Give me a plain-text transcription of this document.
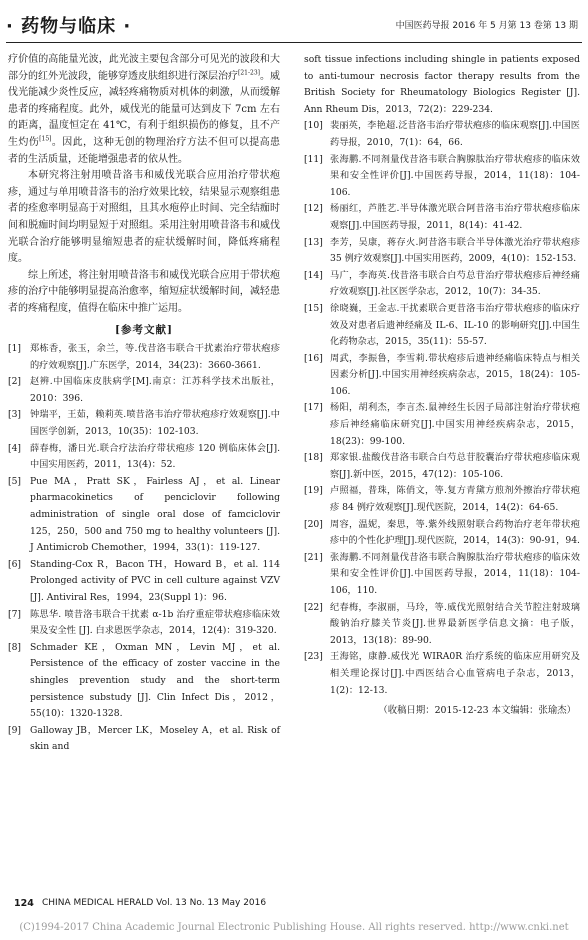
· 药物与临床 ·	中国医药导报 2016 年 5 月第 13 卷第 13 期

疗价值的高能量光波，此光波主要包含部分可见光的波段和大部分的红外光波段，能够穿透皮肤组织进行深层治疗[21-23]。威伐光能减少炎性反应，减轻疼痛物质对机体的刺激，从而缓解患者的疼痛程度。此外，威伐光的能量可达到皮下 7cm 左右的距离，温度恒定在 41℃，有利于组织损伤的修复，且不产生灼伤[15]。因此，这种无创的物理治疗方法不但可以提高患者的生活质量，还能增强患者的依从性。

本研究将注射用喷昔洛韦和威伐光联合应用治疗带状疱疹，通过与单用喷昔洛韦的治疗效果比较，结果显示观察组患者的痊愈率明显高于对照组，且其水疱停止时间、完全结痂时间和脱痂时间均明显短于对照组。采用注射用喷昔洛韦和威伐光联合治疗能够明显缩短患者的症状缓解时间，降低疼痛程度。

综上所述，将注射用喷昔洛韦和威伐光联合应用于带状疱疹的治疗中能够明显提高治愈率，缩短症状缓解时间，减轻患者的疼痛程度，值得在临床中推广运用。

[参考文献]
[1] 郑栋香，张玉，余兰，等.伐昔洛韦联合干扰素治疗带状疱疹的疗效观察[J].广东医学，2014，34(23)：3660-3661.
[2] 赵辨.中国临床皮肤病学[M].南京：江苏科学技术出版社，2010：396.
[3] 钟瑞平，王茹，赖莉英.喷昔洛韦治疗带状疱疹疗效观察[J].中国医学创新，2013，10(35)：102-103.
[4] 薛春梅，潘日光.联合疗法治疗带状疱疹 120 例临床体会[J].中国实用医药，2011，13(4)：52.
[5] Pue MA，Pratt SK，Fairless AJ，et al. Linear pharmacokinetics of penciclovir following administration of single oral dose of famciclovir 125，250，500 and 750 mg to healthy volunteers [J]. J Antimicrob Chemother，1994，33(1)：119-127.
[6] Standing-Cox R，Bacon TH，Howard B，et al. 114 Prolonged activity of PVC in cell culture against VZV [J]. Antiviral Res，1994，23(Suppl 1)：96.
[7] 陈思华. 喷昔洛韦联合干扰素 α-1b 治疗重症带状疱疹临床效果及安全性 [J]. 白求恩医学杂志，2014，12(4)：319-320.
[8] Schmader KE，Oxman MN，Levin MJ，et al. Persistence of the efficacy of zoster vaccine in the shingles prevention study and the short-term persistence substudy [J]. Clin Infect Dis，2012，55(10)：1320-1328.
[9] Galloway JB，Mercer LK，Moseley A，et al. Risk of skin and
soft tissue infections including shingle in patients exposed to anti-tumour necrosis factor therapy results from the British Society for Rheumatology Biologics Register [J]. Ann Rheum Dis，2013，72(2)：229-234.
[10] 裴丽英，李艳超.泛昔洛韦治疗带状疱疹的临床观察[J].中国医药导报，2010，7(1)：64，66.
[11] 张海鹏.不同剂量伐昔洛韦联合胸腺肽治疗带状疱疹的临床效果和安全性评价[J].中国医药导报，2014，11(18)：104-106.
[12] 杨丽红，芦胜艺.半导体激光联合阿昔洛韦治疗带状疱疹临床观察[J].中国医药导报，2011，8(14)：41-42.
[13] 李芳，吴康，蒋存火.阿昔洛韦联合半导体激光治疗带状疱疹 35 例疗效观察[J].中国实用医药，2009，4(10)：152-153.
[14] 马广，李海英.伐昔洛韦联合白芍总苷治疗带状疱疹后神经痛疗效观察[J].社区医学杂志，2012，10(7)：34-35.
[15] 徐晓巍，王金志.干扰素联合更昔洛韦治疗带状疱疹的临床疗效及对患者后遗神经痛及 IL-6、IL-10 的影响研究[J].中国生化药物杂志，2015，35(11)：55-57.
[16] 周武，李振鲁，李雪莉.带状疱疹后遗神经痛临床特点与相关因素分析[J].中国实用神经疾病杂志，2015，18(24)：105-106.
[17] 杨阳，胡利杰，李言杰.鼠神经生长因子局部注射治疗带状疱疹后神经痛临床研究[J].中国实用神经疾病杂志，2015，18(23)：99-100.
[18] 郑家银.盐酸伐昔洛韦联合白芍总苷胶囊治疗带状疱疹临床观察[J].新中医，2015，47(12)：105-106.
[19] 卢照福，普珠，陈俏文，等.复方青黛方煎剂外擦治疗带状疱疹 84 例疗效观察[J].现代医院，2014，14(2)：64-65.
[20] 周容，温妮，秦思，等.紫外线照射联合药物治疗老年带状疱疹中的个性化护理[J].现代医院，2014，14(3)：90-91，94.
[21] 张海鹏.不同剂量伐昔洛韦联合胸腺肽治疗带状疱疹的临床效果和安全性评价[J].中国医药导报，2014，11(18)：104-106，110.
[22] 纪春梅，李淑丽，马玲，等.威伐光照射结合关节腔注射玻璃酸钠治疗膝关节炎[J].世界最新医学信息文摘：电子版，2013，13(18)：89-90.
[23] 王海铭，康静.威伐光 WIRA0R 治疗系统的临床应用研究及相关理论探讨[J].中西医结合心血管病电子杂志，2013，1(2)：12-13.
（收稿日期：2015-12-23 本文编辑：张瑜杰）
124 CHINA MEDICAL HERALD Vol. 13 No. 13 May 2016
(C)1994-2017 China Academic Journal Electronic Publishing House. All rights reserved. http://www.cnki.net
